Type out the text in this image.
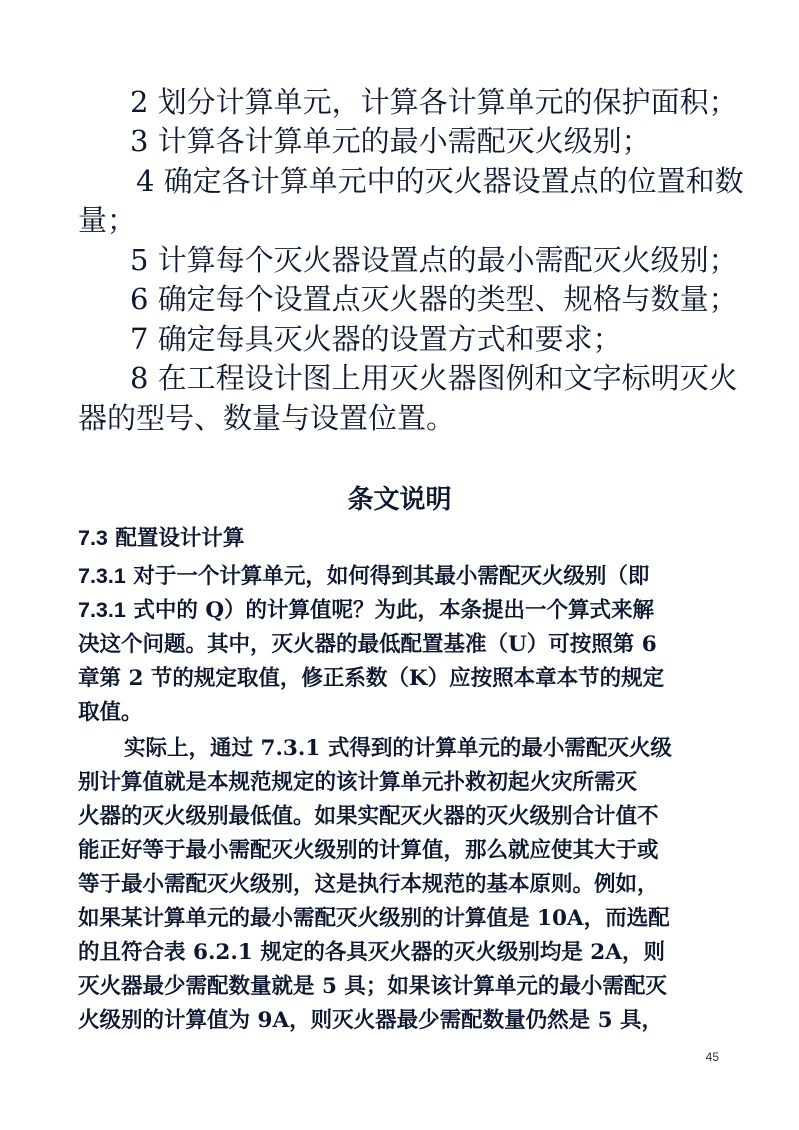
2 划分计算单元，计算各计算单元的保护面积；
3 计算各计算单元的最小需配灭火级别；
4 确定各计算单元中的灭火器设置点的位置和数
量；
5 计算每个灭火器设置点的最小需配灭火级别；
6 确定每个设置点灭火器的类型、规格与数量；
7 确定每具灭火器的设置方式和要求；
8 在工程设计图上用灭火器图例和文字标明灭火
器的型号、数量与设置位置。
条文说明
7.3 配置设计计算
7.3.1 对于一个计算单元，如何得到其最小需配灭火级别（即
7.3.1 式中的 Q）的计算值呢？为此，本条提出一个算式来解
决这个问题。其中，灭火器的最低配置基准（U）可按照第 6
章第 2 节的规定取值，修正系数（K）应按照本章本节的规定
取值。
实际上，通过 7.3.1 式得到的计算单元的最小需配灭火级
别计算值就是本规范规定的该计算单元扑救初起火灾所需灭
火器的灭火级别最低值。如果实配灭火器的灭火级别合计值不
能正好等于最小需配灭火级别的计算值，那么就应使其大于或
等于最小需配灭火级别，这是执行本规范的基本原则。例如，
如果某计算单元的最小需配灭火级别的计算值是 10A，而选配
的且符合表 6.2.1 规定的各具灭火器的灭火级别均是 2A，则
灭火器最少需配数量就是 5 具；如果该计算单元的最小需配灭
火级别的计算值为 9A，则灭火器最少需配数量仍然是 5 具，
45
